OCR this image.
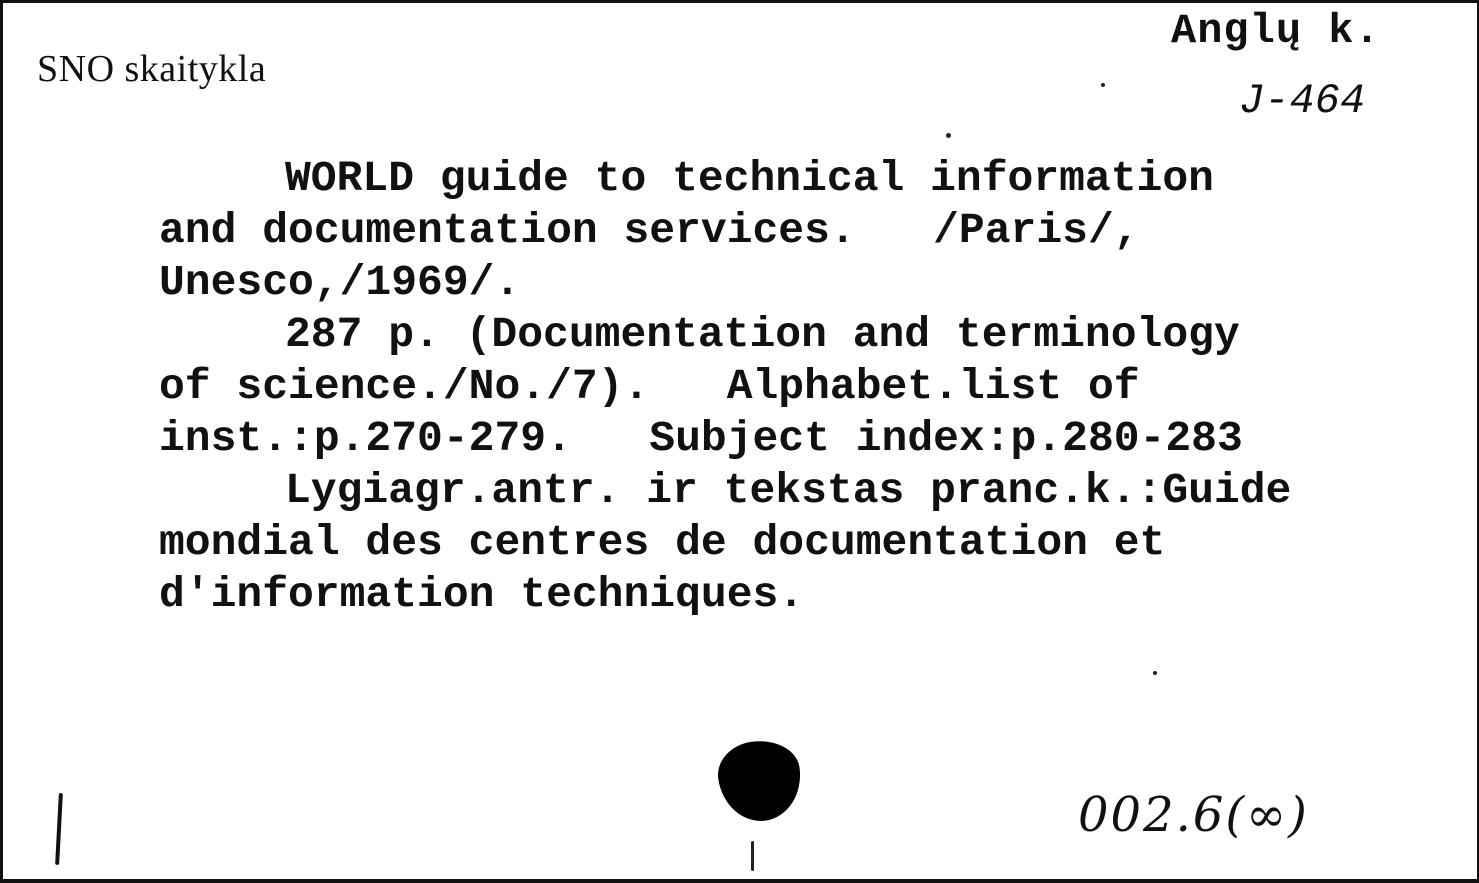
SNO skaitykla
Anglų k.
J-464
WORLD guide to technical information
and documentation services.   /Paris/,
Unesco,/1969/.
287 p. (Documentation and terminology
of science./No./7).   Alphabet.list of
inst.:p.270-279.   Subject index:p.280-283
Lygiagr.antr. ir tekstas pranc.k.:Guide
mondial des centres de documentation et
d'information techniques.
002.6(∞)
